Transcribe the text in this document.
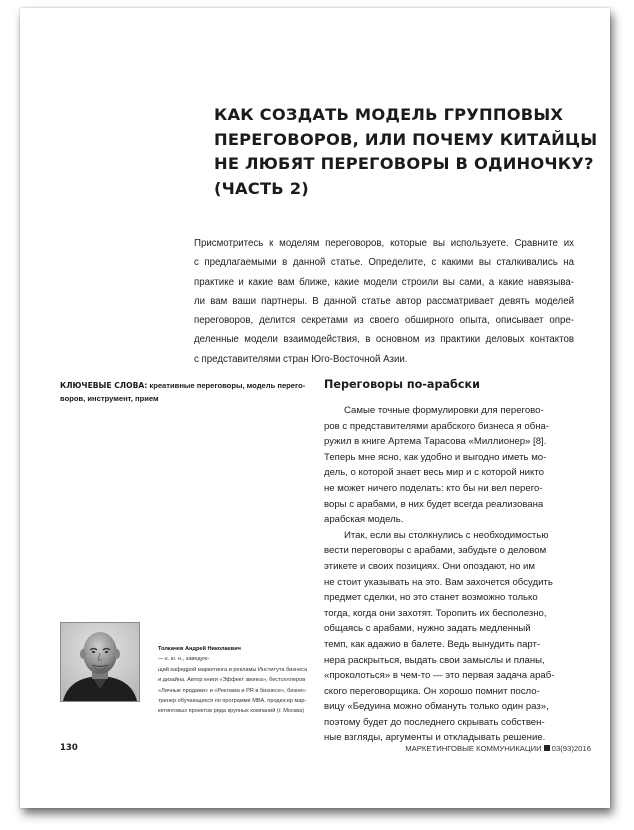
КАК СОЗДАТЬ МОДЕЛЬ ГРУППОВЫХ
ПЕРЕГОВОРОВ, ИЛИ ПОЧЕМУ КИТАЙЦЫ
НЕ ЛЮБЯТ ПЕРЕГОВОРЫ В ОДИНОЧКУ?
(ЧАСТЬ 2)
Присмотритесь к моделям переговоров, которые вы используете. Сравните их
с предлагаемыми в данной статье. Определите, с какими вы сталкивались на
практике и какие вам ближе, какие модели строили вы сами, а какие навязыва-
ли вам ваши партнеры. В данной статье автор рассматривает девять моделей
переговоров, делится секретами из своего обширного опыта, описывает опре-
деленные модели взаимодействия, в основном из практики деловых контактов
с представителями стран Юго-Восточной Азии.
КЛЮЧЕВЫЕ СЛОВА: креативные переговоры, модель перего-
воров, инструмент, прием
Переговоры по-арабски
Самые точные формулировки для перегово-
ров с представителями арабского бизнеса я обна-
ружил в книге Артема Тарасова «Миллионер» [8].
Теперь мне ясно, как удобно и выгодно иметь мо-
дель, о которой знает весь мир и с которой никто
не может ничего поделать: кто бы ни вел перего-
воры с арабами, в них будет всегда реализована
арабская модель.
Итак, если вы столкнулись с необходимостью
вести переговоры с арабами, забудьте о деловом
этикете и своих позициях. Они опоздают, но им
не стоит указывать на это. Вам захочется обсудить
предмет сделки, но это станет возможно только
тогда, когда они захотят. Торопить их бесполезно,
общаясь с арабами, нужно задать медленный
темп, как адажио в балете. Ведь вынудить парт-
нера раскрыться, выдать свои замыслы и планы,
«проколоться» в чем-то — это первая задача араб-
ского переговорщика. Он хорошо помнит посло-
вицу «Бедуина можно обмануть только один раз»,
поэтому будет до последнего скрывать собствен-
ные взгляды, аргументы и откладывать решение.
Толкачев Андрей Николаевич
— к. ю. н., заведую-
щий кафедрой маркетинга и рекламы Института бизнеса
и дизайна. Автор книги «Эффект звонка», бестселлеров
«Личные продажи» и «Реклама и PR в бизнесе», бизнес-
тренер обучающихся по программе МВА, продюсер мар-
кетинговых проектов ряда крупных компаний (г. Москва)
130	МАРКЕТИНГОВЫЕ КОММУНИКАЦИИ 03(93)2016
